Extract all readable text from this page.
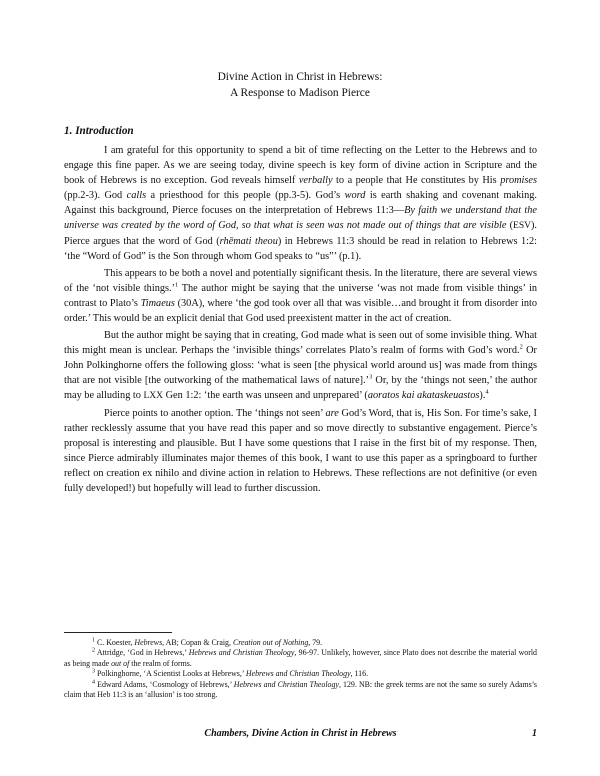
Divine Action in Christ in Hebrews:
A Response to Madison Pierce
1. Introduction

I am grateful for this opportunity to spend a bit of time reflecting on the Letter to the Hebrews and to engage this fine paper. As we are seeing today, divine speech is key form of divine action in Scripture and the book of Hebrews is no exception. God reveals himself verbally to a people that He constitutes by His promises (pp.2-3). God calls a priesthood for this people (pp.3-5). God’s word is earth shaking and covenant making. Against this background, Pierce focuses on the interpretation of Hebrews 11:3—By faith we understand that the universe was created by the word of God, so that what is seen was not made out of things that are visible (ESV). Pierce argues that the word of God (rhēmati theou) in Hebrews 11:3 should be read in relation to Hebrews 1:2: ‘the “Word of God” is the Son through whom God speaks to “us”’ (p.1).

This appears to be both a novel and potentially significant thesis. In the literature, there are several views of the ‘not visible things.’$^1$ The author might be saying that the universe ‘was not made from visible things’ in contrast to Plato’s Timaeus (30A), where ‘the god took over all that was visible…and brought it from disorder into order.’ This would be an explicit denial that God used preexistent matter in the act of creation.

But the author might be saying that in creating, God made what is seen out of some invisible thing. What this might mean is unclear. Perhaps the ‘invisible things’ correlates Plato’s realm of forms with God’s word.$^2$ Or John Polkinghorne offers the following gloss: ‘what is seen [the physical world around us] was made from things that are not visible [the outworking of the mathematical laws of nature].’$^3$ Or, by the ‘things not seen,’ the author may be alluding to LXX Gen 1:2: ‘the earth was unseen and unprepared’ (aoratos kai akataskeuastos).$^4$

Pierce points to another option. The ‘things not seen’ are God’s Word, that is, His Son. For time’s sake, I rather recklessly assume that you have read this paper and so move directly to substantive engagement. Pierce’s proposal is interesting and plausible. But I have some questions that I raise in the first bit of my response. Then, since Pierce admirably illuminates major themes of this book, I want to use this paper as a springboard to further reflect on creation ex nihilo and divine action in relation to Hebrews. These reflections are not definitive (or even fully developed!) but hopefully will lead to further discussion.

$^1$ C. Koester, Hebrews, AB; Copan & Craig, Creation out of Nothing, 79.

$^2$ Attridge, ‘God in Hebrews,’ Hebrews and Christian Theology, 96-97. Unlikely, however, since Plato does not describe the material world as being made out of the realm of forms.

$^3$ Polkinghorne, ‘A Scientist Looks at Hebrews,’ Hebrews and Christian Theology, 116.

$^4$ Edward Adams, ‘Cosmology of Hebrews,’ Hebrews and Christian Theology, 129. NB: the greek terms are not the same so surely Adams’s claim that Heb 11:3 is an ‘allusion’ is too strong.

Chambers, Divine Action in Christ in Hebrews	1
